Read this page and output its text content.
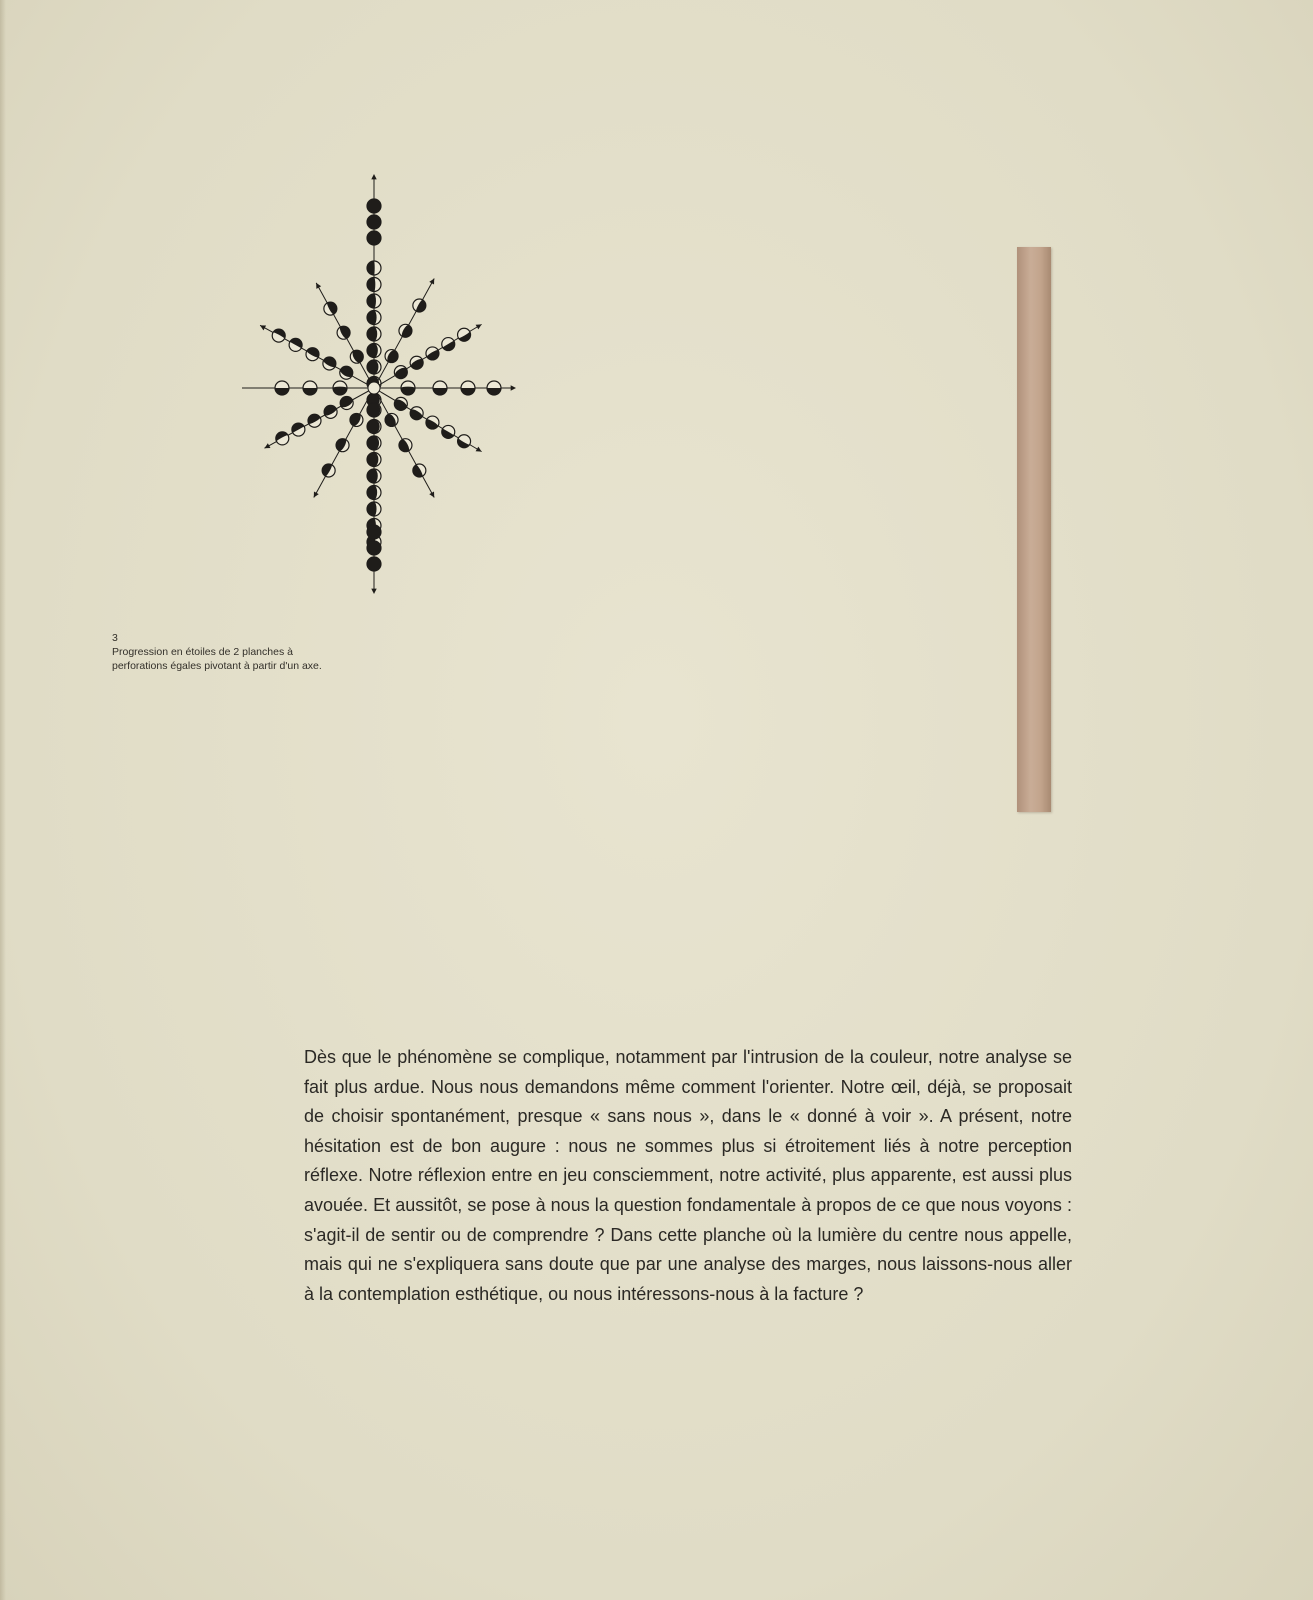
3
Progression en étoiles de 2 planches à perforations égales pivotant à partir d'un axe.

Dès que le phénomène se complique, notamment par l'intrusion de la couleur, notre analyse se fait plus ardue. Nous nous demandons même comment l'orienter. Notre œil, déjà, se proposait de choisir spontanément, presque « sans nous », dans le « donné à voir ». A présent, notre hésitation est de bon augure : nous ne sommes plus si étroitement liés à notre perception réflexe. Notre réflexion entre en jeu consciemment, notre activité, plus apparente, est aussi plus avouée. Et aussitôt, se pose à nous la question fondamentale à propos de ce que nous voyons : s'agit-il de sentir ou de comprendre ? Dans cette planche où la lumière du centre nous appelle, mais qui ne s'expliquera sans doute que par une analyse des marges, nous laissons-nous aller à la contemplation esthétique, ou nous intéressons-nous à la facture ?
